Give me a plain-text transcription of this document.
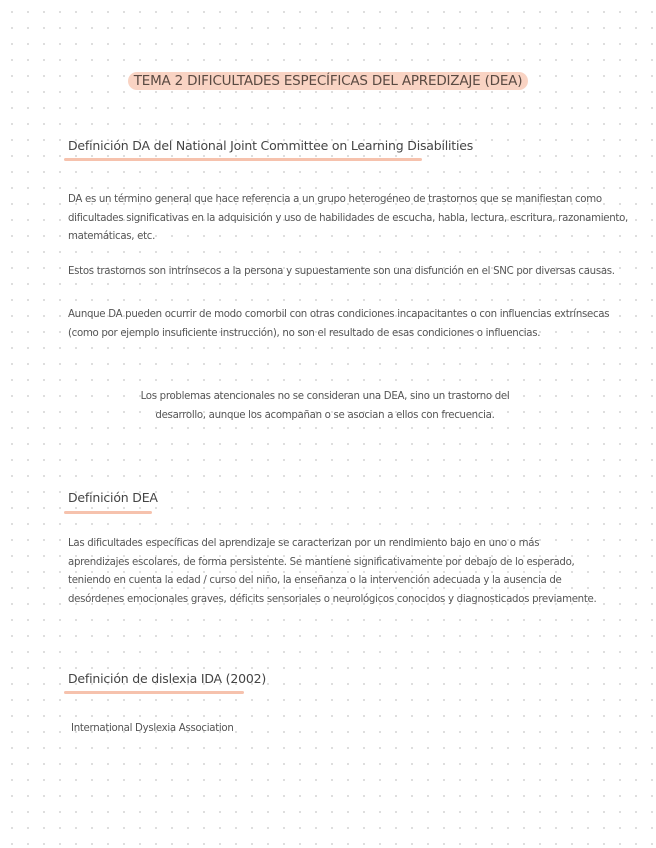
TEMA 2 DIFICULTADES ESPECÍFICAS DEL APREDIZAJE (DEA)
Definición DA del National Joint Committee on Learning Disabilities
DA es un término general que hace referencia a un grupo heterogéneo de trastornos que se manifiestan como dificultades significativas en la adquisición y uso de habilidades de escucha, habla, lectura, escritura, razonamiento, matemáticas, etc.
Estos trastornos son intrínsecos a la persona y supuestamente son una disfunción en el SNC por diversas causas.
Aunque DA pueden ocurrir de modo comorbil con otras condiciones incapacitantes o con influencias extrínsecas (como por ejemplo insuficiente instrucción), no son el resultado de esas condiciones o influencias.
Los problemas atencionales no se consideran una DEA, sino un trastorno del desarrollo, aunque los acompañan o se asocian a ellos con frecuencia.
Definición DEA
Las dificultades específicas del aprendizaje se caracterizan por un rendimiento bajo en uno o más aprendizajes escolares, de forma persistente. Se mantiene significativamente por debajo de lo esperado, teniendo en cuenta la edad / curso del niño, la enseñanza o la intervención adecuada y la ausencia de desórdenes emocionales graves, déficits sensoriales o neurológicos conocidos y diagnosticados previamente.
Definición de dislexia IDA (2002)
International Dyslexia Association
